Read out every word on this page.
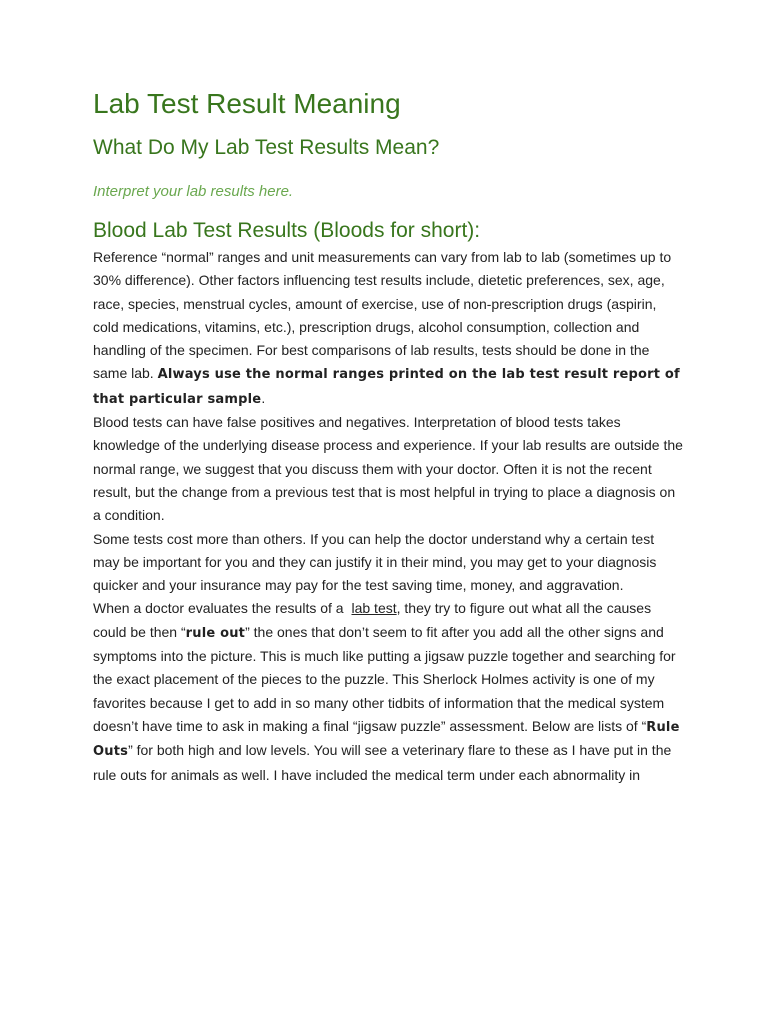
Lab Test Result Meaning
What Do My Lab Test Results Mean?

Interpret your lab results here.

Blood Lab Test Results (Bloods for short):

Reference “normal” ranges and unit measurements can vary from lab to lab (sometimes up to 30% difference). Other factors influencing test results include, dietetic preferences, sex, age, race, species, menstrual cycles, amount of exercise, use of non-prescription drugs (aspirin, cold medications, vitamins, etc.), prescription drugs, alcohol consumption, collection and handling of the specimen. For best comparisons of lab results, tests should be done in the same lab. Always use the normal ranges printed on the lab test result report of that particular sample.

Blood tests can have false positives and negatives. Interpretation of blood tests takes knowledge of the underlying disease process and experience. If your lab results are outside the normal range, we suggest that you discuss them with your doctor. Often it is not the recent result, but the change from a previous test that is most helpful in trying to place a diagnosis on a condition.

Some tests cost more than others. If you can help the doctor understand why a certain test may be important for you and they can justify it in their mind, you may get to your diagnosis quicker and your insurance may pay for the test saving time, money, and aggravation.

When a doctor evaluates the results of a lab test, they try to figure out what all the causes could be then “rule out” the ones that don’t seem to fit after you add all the other signs and symptoms into the picture. This is much like putting a jigsaw puzzle together and searching for the exact placement of the pieces to the puzzle. This Sherlock Holmes activity is one of my favorites because I get to add in so many other tidbits of information that the medical system doesn’t have time to ask in making a final “jigsaw puzzle” assessment. Below are lists of “Rule Outs” for both high and low levels. You will see a veterinary flare to these as I have put in the rule outs for animals as well. I have included the medical term under each abnormality in
